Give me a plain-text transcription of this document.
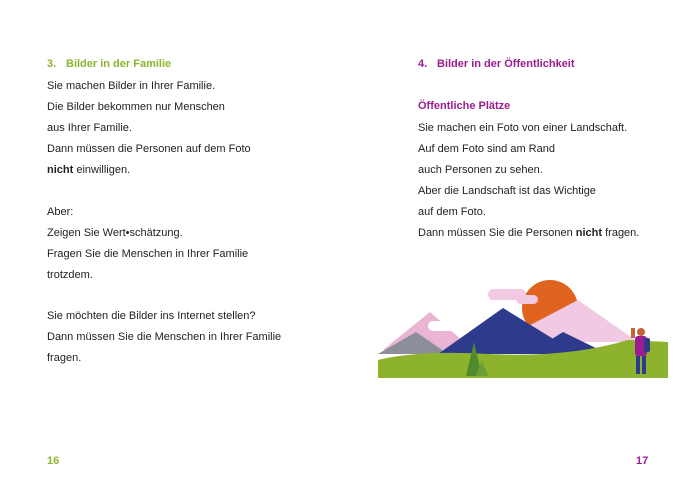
3. Bilder in der Familie
Sie machen Bilder in Ihrer Familie.
Die Bilder bekommen nur Menschen
aus Ihrer Familie.
Dann müssen die Personen auf dem Foto
nicht einwilligen.
Aber:
Zeigen Sie Wert•schätzung.
Fragen Sie die Menschen in Ihrer Familie
trotzdem.
Sie möchten die Bilder ins Internet stellen?
Dann müssen Sie die Menschen in Ihrer Familie
fragen.
16
4. Bilder in der Öffentlichkeit
Öffentliche Plätze
Sie machen ein Foto von einer Landschaft.
Auf dem Foto sind am Rand
auch Personen zu sehen.
Aber die Landschaft ist das Wichtige
auf dem Foto.
Dann müssen Sie die Personen nicht fragen.
17
